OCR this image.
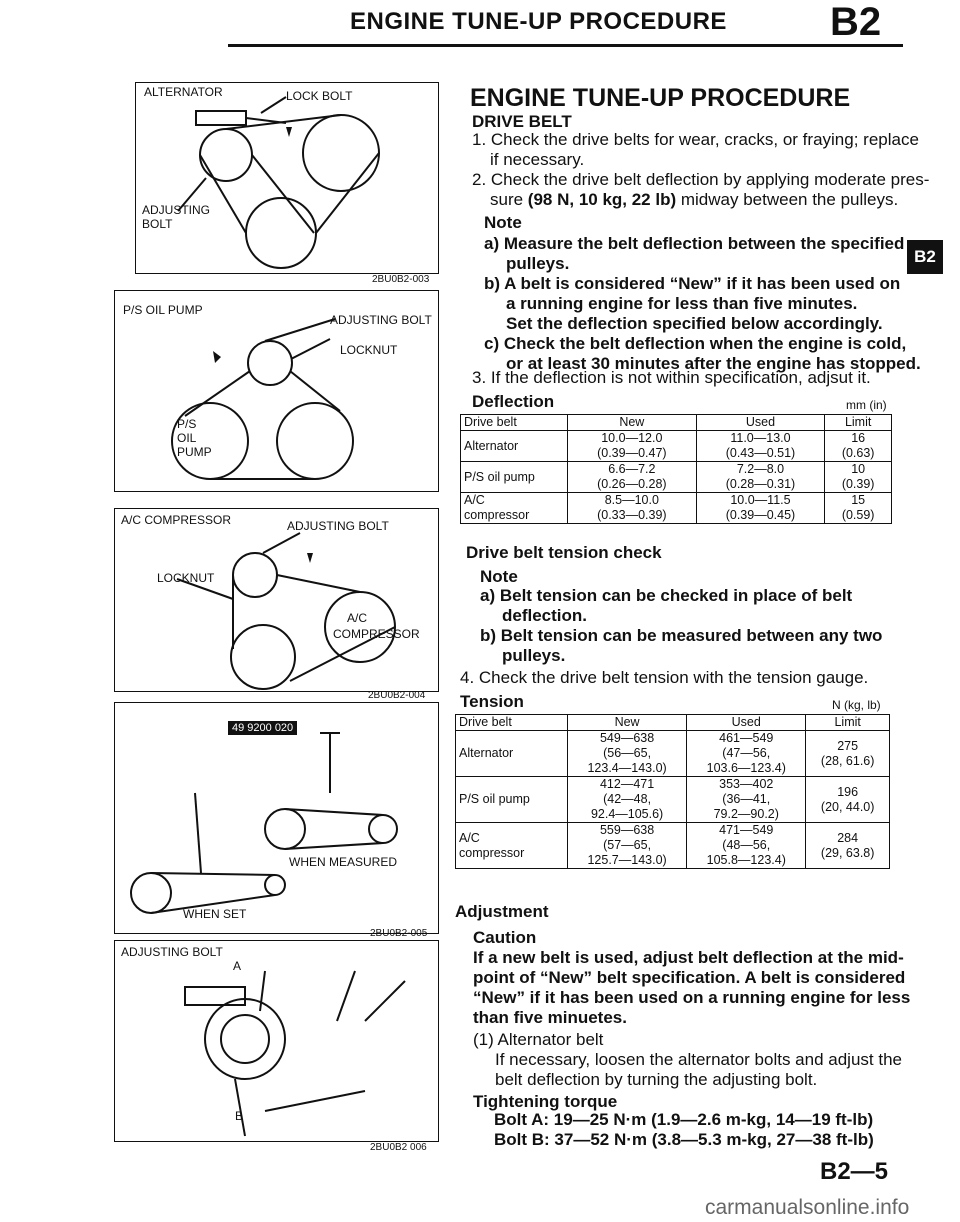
ENGINE TUNE-UP PROCEDURE	B2
B2
ALTERNATOR	LOCK BOLT
ADJUSTING
BOLT
2BU0B2-003
P/S OIL PUMP
ADJUSTING BOLT
LOCKNUT
P/S
OIL
PUMP
A/C COMPRESSOR	ADJUSTING BOLT
LOCKNUT
A/C
COMPRESSOR
2BU0B2-004
49 9200 020
WHEN MEASURED
WHEN SET
2BU0B2-005
ADJUSTING BOLT
A
B
2BU0B2 006
ENGINE TUNE-UP PROCEDURE
DRIVE BELT
1. Check the drive belts for wear, cracks, or fraying; replace
if necessary.
2. Check the drive belt deflection by applying moderate pres-
sure (98 N, 10 kg, 22 lb) midway between the pulleys.
Note
a) Measure the belt deflection between the specified
pulleys.
b) A belt is considered “New” if it has been used on
a running engine for less than five minutes.
Set the deflection specified below accordingly.
c) Check the belt deflection when the engine is cold,
or at least 30 minutes after the engine has stopped.
3. If the deflection is not within specification, adjsut it.
Deflection	mm (in)
Drive belt	New	Used	Limit

Alternator	10.0—12.0
(0.39—0.47)	11.0—13.0
(0.43—0.51)	16
(0.63)

P/S oil pump	6.6—7.2
(0.26—0.28)	7.2—8.0
(0.28—0.31)	10
(0.39)

A/C
compressor	8.5—10.0
(0.33—0.39)	10.0—11.5
(0.39—0.45)	15
(0.59)
Drive belt tension check
Note
a) Belt tension can be checked in place of belt
deflection.
b) Belt tension can be measured between any two
pulleys.
4. Check the drive belt tension with the tension gauge.
Tension	N (kg, lb)
Drive belt	New	Used	Limit

Alternator	549—638
(56—65,
123.4—143.0)	461—549
(47—56,
103.6—123.4)	275
(28, 61.6)

P/S oil pump	412—471
(42—48,
92.4—105.6)	353—402
(36—41,
79.2—90.2)	196
(20, 44.0)

A/C
compressor	559—638
(57—65,
125.7—143.0)	471—549
(48—56,
105.8—123.4)	284
(29, 63.8)
Adjustment
Caution
If a new belt is used, adjust belt deflection at the mid-
point of “New” belt specification. A belt is considered
“New” if it has been used on a running engine for less
than five minuetes.
(1) Alternator belt
If necessary, loosen the alternator bolts and adjust the
belt deflection by turning the adjusting bolt.
Tightening torque
Bolt A: 19—25 N·m (1.9—2.6 m-kg, 14—19 ft-lb)
Bolt B: 37—52 N·m (3.8—5.3 m-kg, 27—38 ft-lb)
B2—5
carmanualsonline.info
